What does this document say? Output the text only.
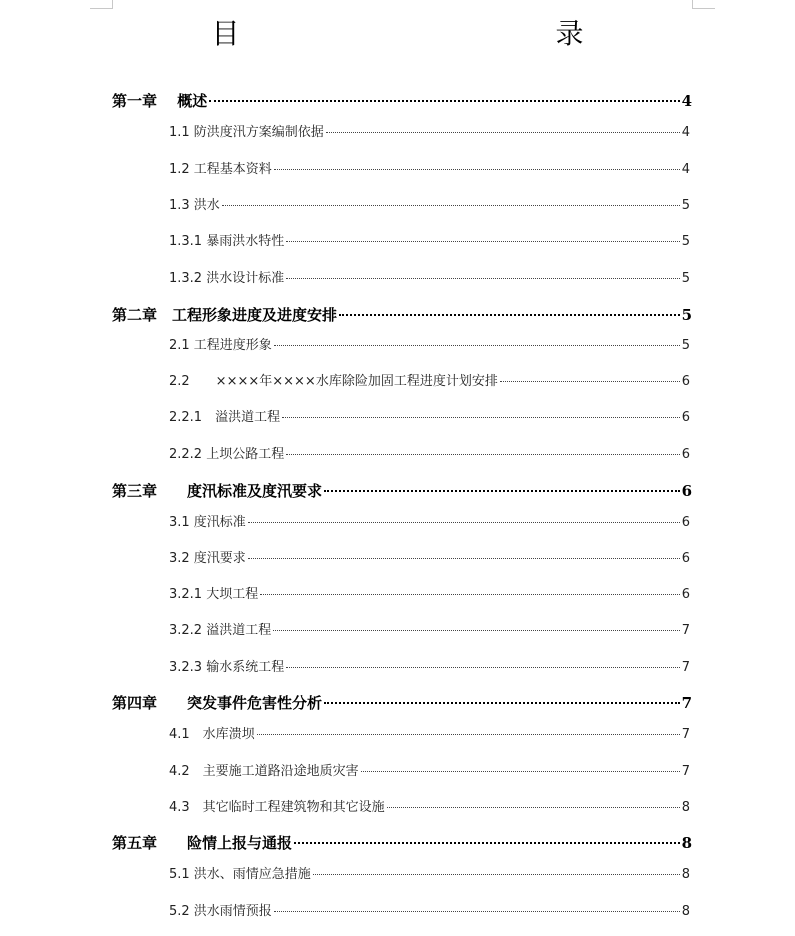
目　　　录
第一章　 概述	4
1.1 防洪度汛方案编制依据	4
1.2 工程基本资料	4
1.3 洪水	5
1.3.1 暴雨洪水特性	5
1.3.2 洪水设计标准	5
第二章　工程形象进度及进度安排	5
2.1 工程进度形象	5
2.2　　××××年××××水库除险加固工程进度计划安排	6
2.2.1　溢洪道工程	6
2.2.2 上坝公路工程	6
第三章　　度汛标准及度汛要求	6
3.1 度汛标准	6
3.2 度汛要求	6
3.2.1 大坝工程	6
3.2.2 溢洪道工程	7
3.2.3 输水系统工程	7
第四章　　突发事件危害性分析	7
4.1　水库溃坝	7
4.2　主要施工道路沿途地质灾害	7
4.3　其它临时工程建筑物和其它设施	8
第五章　　险情上报与通报	8
5.1 洪水、雨情应急措施	8
5.2 洪水雨情预报	8
